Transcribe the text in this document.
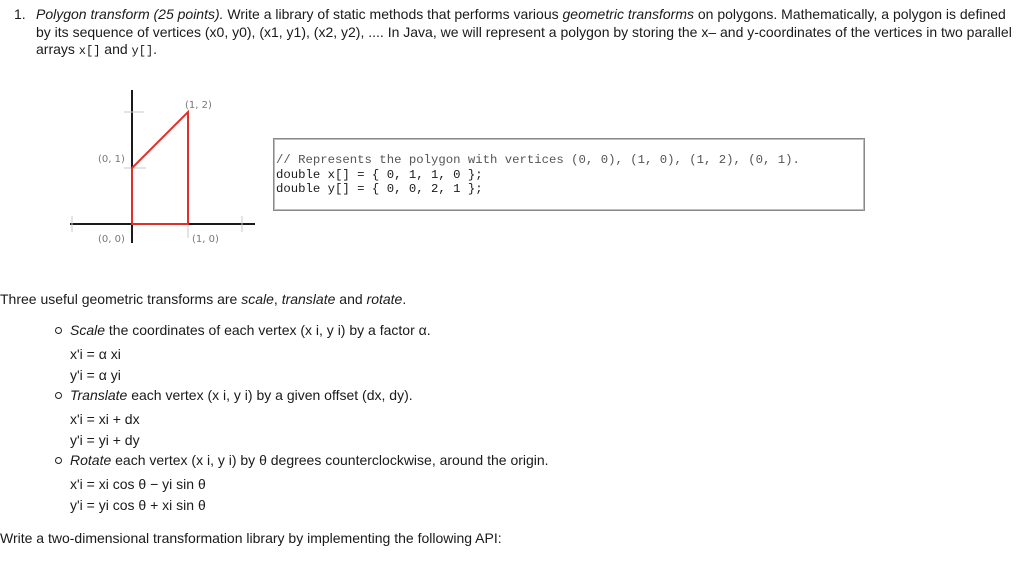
1. Polygon transform (25 points). Write a library of static methods that performs various geometric transforms on polygons. Mathematically, a polygon is defined by its sequence of vertices (x0, y0), (x1, y1), (x2, y2), .... In Java, we will represent a polygon by storing the x– and y-coordinates of the vertices in two parallel arrays x[] and y[].
(1, 2)
(0, 1)
(0, 0)	(1, 0)
// Represents the polygon with vertices (0, 0), (1, 0), (1, 2), (0, 1).
double x[] = { 0, 1, 1, 0 };
double y[] = { 0, 0, 2, 1 };
Three useful geometric transforms are scale, translate and rotate.
Scale the coordinates of each vertex (x i, y i) by a factor α.
x'i = α xi
y'i = α yi
Translate each vertex (x i, y i) by a given offset (dx, dy).
x'i = xi + dx
y'i = yi + dy
Rotate each vertex (x i, y i) by θ degrees counterclockwise, around the origin.
x'i = xi cos θ − yi sin θ
y'i = yi cos θ + xi sin θ
Write a two-dimensional transformation library by implementing the following API:
